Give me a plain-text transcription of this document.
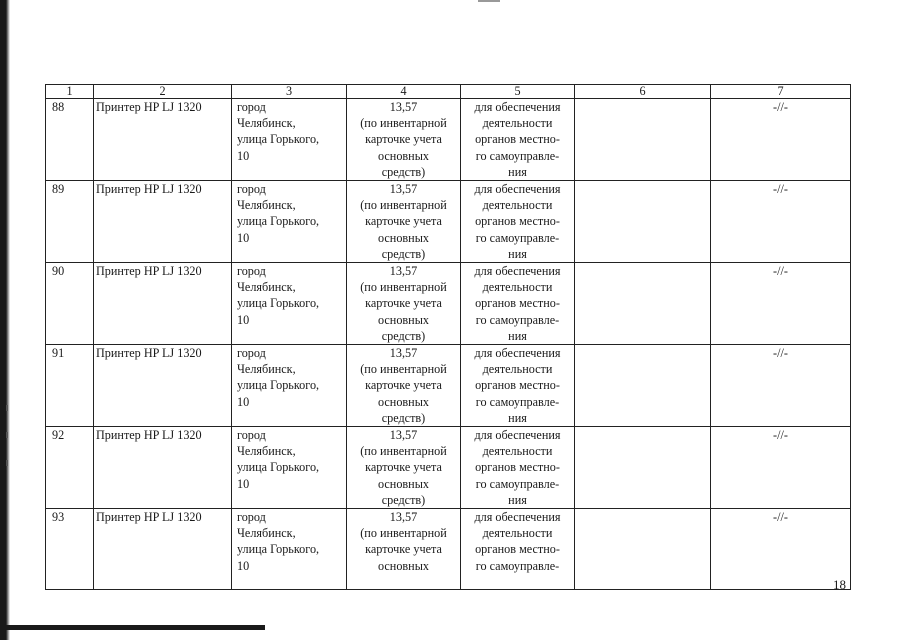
1	2	3	4	5	6	7
88	Принтер HP LJ 1320	город
Челябинск,
улица Горького,
10	13,57
(по инвентарной
карточке учета
основных
средств)	для обеспечения
деятельности
органов местно-
го самоуправле-
ния		-//-
89	Принтер HP LJ 1320	город
Челябинск,
улица Горького,
10	13,57
(по инвентарной
карточке учета
основных
средств)	для обеспечения
деятельности
органов местно-
го самоуправле-
ния		-//-
90	Принтер HP LJ 1320	город
Челябинск,
улица Горького,
10	13,57
(по инвентарной
карточке учета
основных
средств)	для обеспечения
деятельности
органов местно-
го самоуправле-
ния		-//-
91	Принтер HP LJ 1320	город
Челябинск,
улица Горького,
10	13,57
(по инвентарной
карточке учета
основных
средств)	для обеспечения
деятельности
органов местно-
го самоуправле-
ния		-//-
92	Принтер HP LJ 1320	город
Челябинск,
улица Горького,
10	13,57
(по инвентарной
карточке учета
основных
средств)	для обеспечения
деятельности
органов местно-
го самоуправле-
ния		-//-
93	Принтер HP LJ 1320	город
Челябинск,
улица Горького,
10	13,57
(по инвентарной
карточке учета
основных	для обеспечения
деятельности
органов местно-
го самоуправле-		-//-
18
